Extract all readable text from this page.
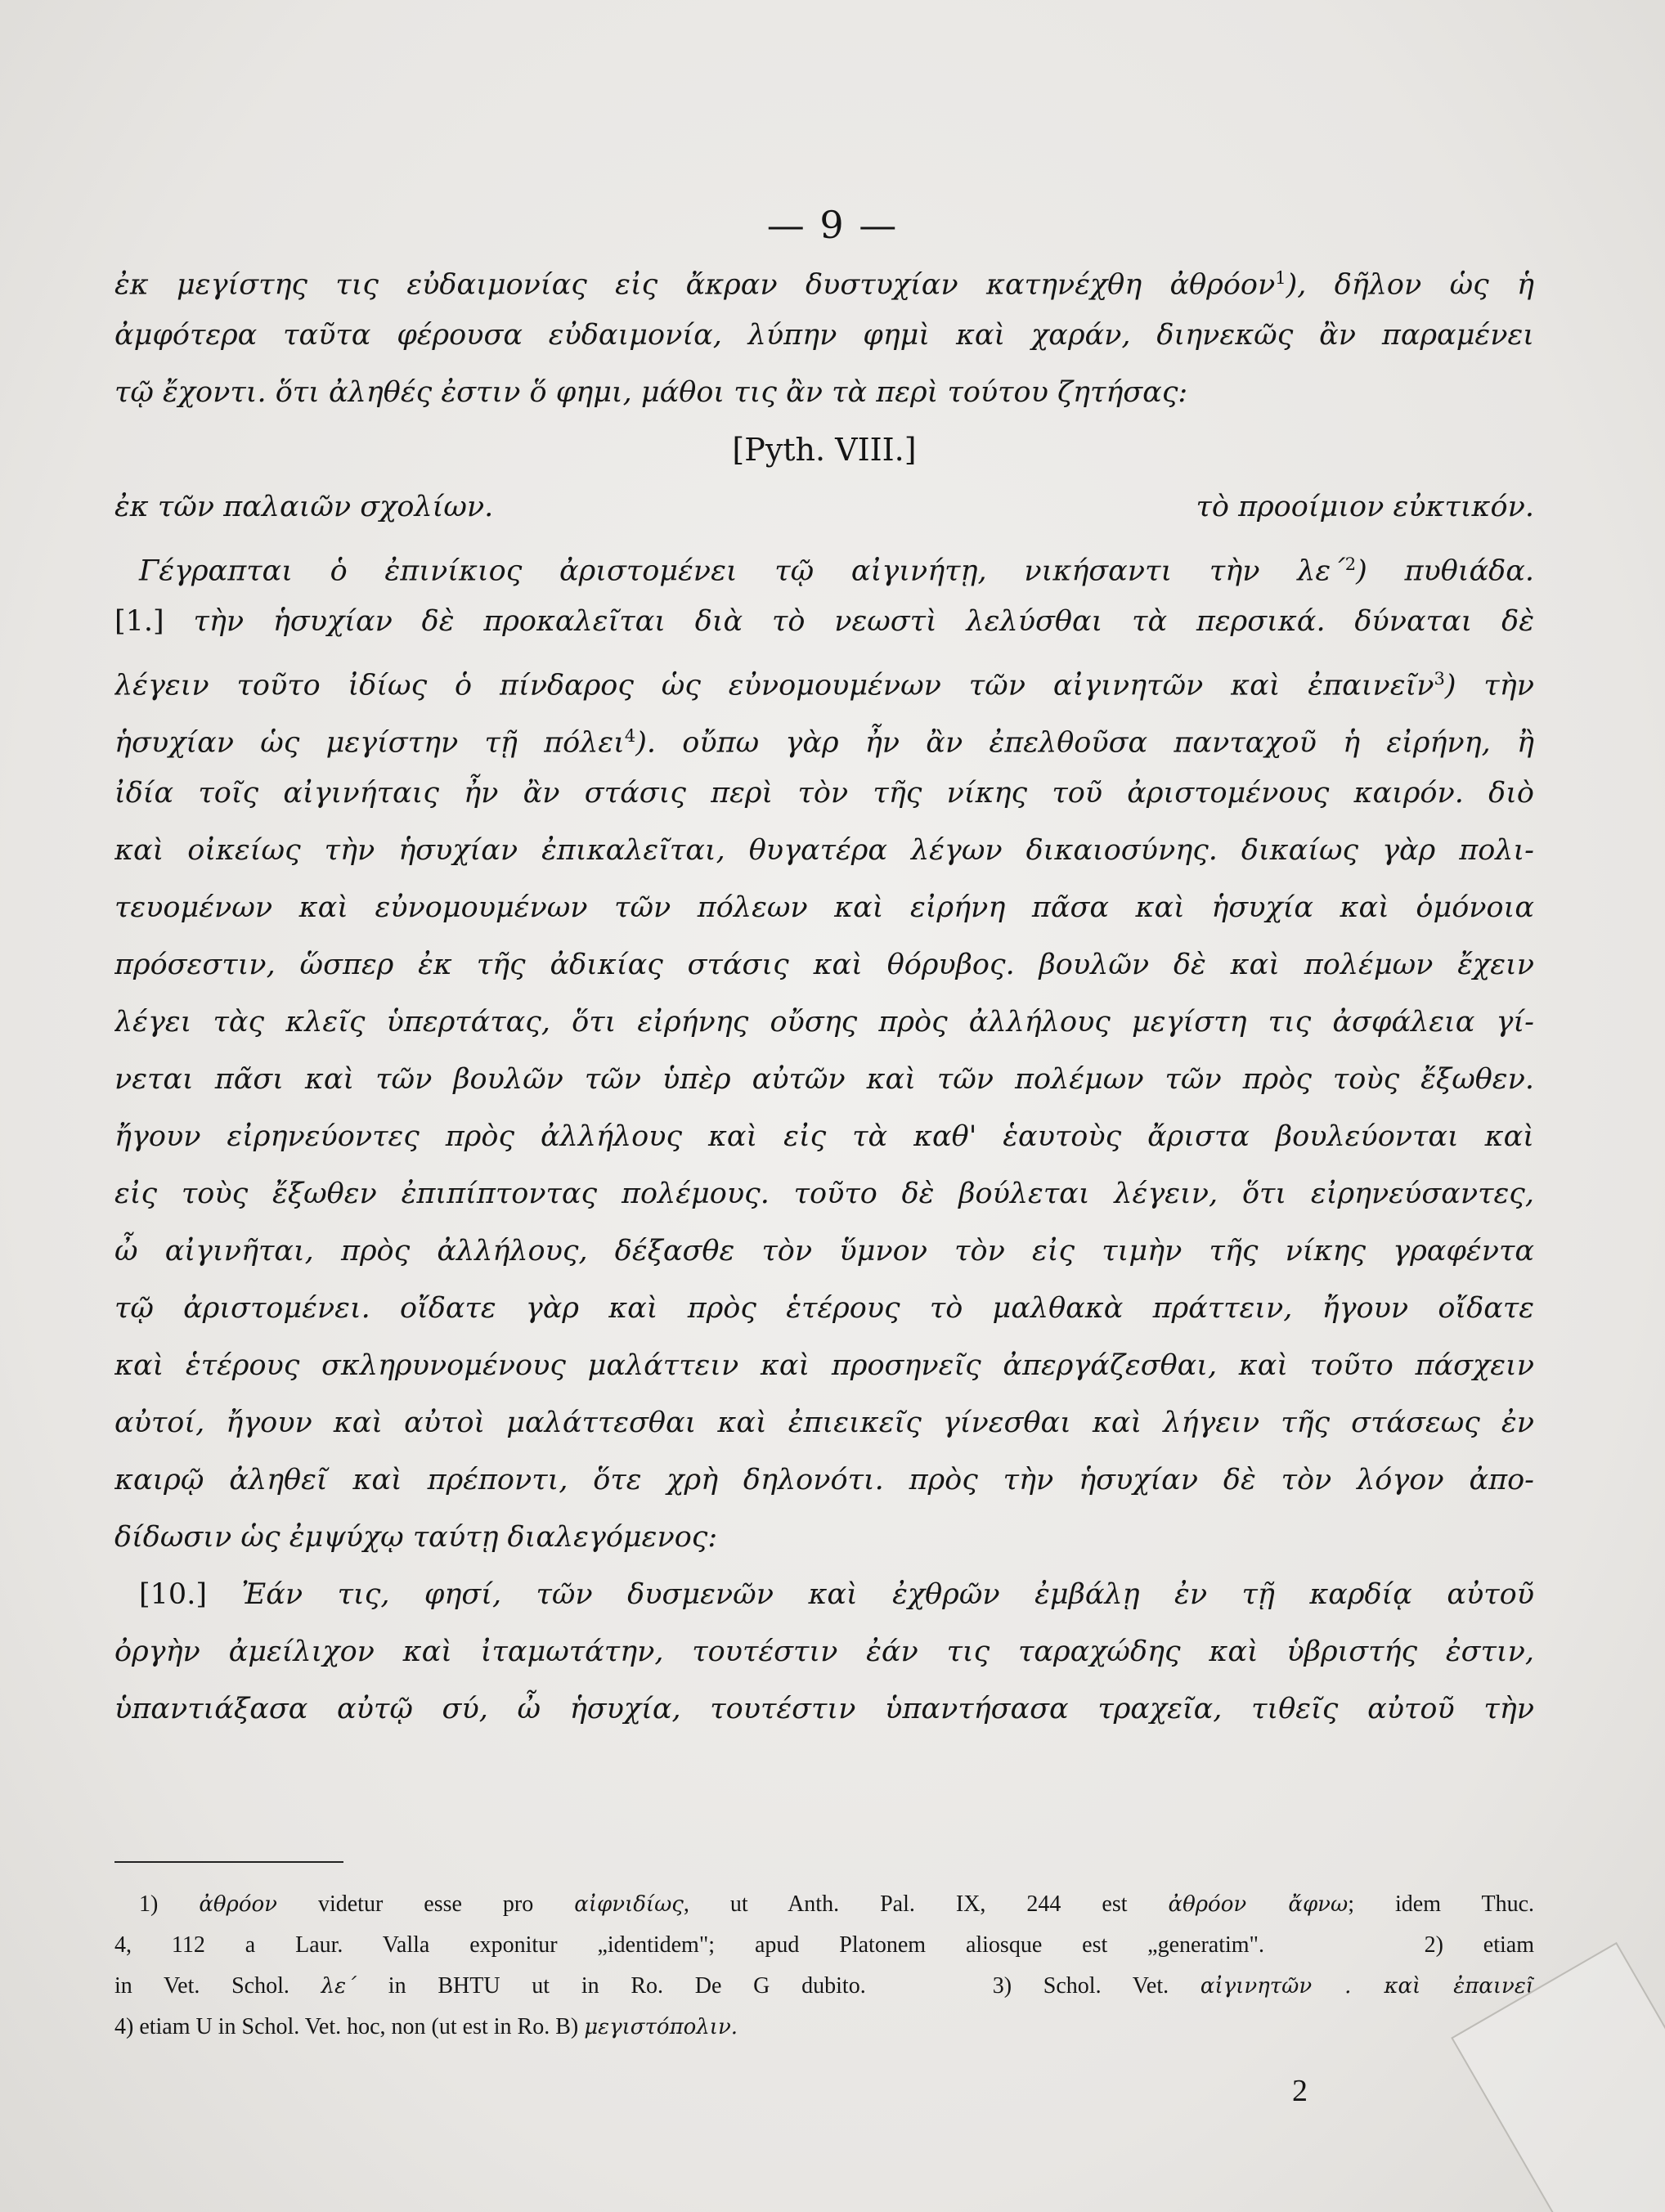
— 9 —
ἐκ μεγίστης τις εὐδαιμονίας εἰς ἄκραν δυστυχίαν κατηνέχθη ἀθρόον$^1$), δῆλον ὡς ἡ
ἀμφότερα ταῦτα φέρουσα εὐδαιμονία, λύπην φημὶ καὶ χαράν, διηνεκῶς ἂν παραμένει
τῷ ἔχοντι. ὅτι ἀληθές ἐστιν ὅ φημι, μάθοι τις ἂν τὰ περὶ τούτου ζητήσας:
[Pyth. VIII.]
ἐκ τῶν παλαιῶν σχολίων.	τὸ προοίμιον εὐκτικόν.
Γέγραπται ὁ ἐπινίκιος ἀριστομένει τῷ αἰγινήτῃ, νικήσαντι τὴν λε΄$^2$) πυθιάδα.
[1.] τὴν ἡσυχίαν δὲ προκαλεῖται διὰ τὸ νεωστὶ λελύσθαι τὰ περσικά. δύναται δὲ
λέγειν τοῦτο ἰδίως ὁ πίνδαρος ὡς εὐνομουμένων τῶν αἰγινητῶν καὶ ἐπαινεῖν$^3$) τὴν
ἡσυχίαν ὡς μεγίστην τῇ πόλει$^4$). οὔπω γὰρ ἦν ἂν ἐπελθοῦσα πανταχοῦ ἡ εἰρήνη, ἢ
ἰδία τοῖς αἰγινήταις ἦν ἂν στάσις περὶ τὸν τῆς νίκης τοῦ ἀριστομένους καιρόν. διὸ
καὶ οἰκείως τὴν ἡσυχίαν ἐπικαλεῖται, θυγατέρα λέγων δικαιοσύνης. δικαίως γὰρ πολι-
τευομένων καὶ εὐνομουμένων τῶν πόλεων καὶ εἰρήνη πᾶσα καὶ ἡσυχία καὶ ὁμόνοια
πρόσεστιν, ὥσπερ ἐκ τῆς ἀδικίας στάσις καὶ θόρυβος. βουλῶν δὲ καὶ πολέμων ἔχειν
λέγει τὰς κλεῖς ὑπερτάτας, ὅτι εἰρήνης οὔσης πρὸς ἀλλήλους μεγίστη τις ἀσφάλεια γί-
νεται πᾶσι καὶ τῶν βουλῶν τῶν ὑπὲρ αὐτῶν καὶ τῶν πολέμων τῶν πρὸς τοὺς ἔξωθεν.
ἤγουν εἰρηνεύοντες πρὸς ἀλλήλους καὶ εἰς τὰ καθ' ἑαυτοὺς ἄριστα βουλεύονται καὶ
εἰς τοὺς ἔξωθεν ἐπιπίπτοντας πολέμους. τοῦτο δὲ βούλεται λέγειν, ὅτι εἰρηνεύσαντες,
ὦ αἰγινῆται, πρὸς ἀλλήλους, δέξασθε τὸν ὕμνον τὸν εἰς τιμὴν τῆς νίκης γραφέντα
τῷ ἀριστομένει. οἴδατε γὰρ καὶ πρὸς ἑτέρους τὸ μαλθακὰ πράττειν, ἤγουν οἴδατε
καὶ ἑτέρους σκληρυνομένους μαλάττειν καὶ προσηνεῖς ἀπεργάζεσθαι, καὶ τοῦτο πάσχειν
αὐτοί, ἤγουν καὶ αὐτοὶ μαλάττεσθαι καὶ ἐπιεικεῖς γίνεσθαι καὶ λήγειν τῆς στάσεως ἐν
καιρῷ ἀληθεῖ καὶ πρέποντι, ὅτε χρὴ δηλονότι. πρὸς τὴν ἡσυχίαν δὲ τὸν λόγον ἀπο-
δίδωσιν ὡς ἐμψύχῳ ταύτῃ διαλεγόμενος:
[10.] Ἐάν τις, φησί, τῶν δυσμενῶν καὶ ἐχθρῶν ἐμβάλῃ ἐν τῇ καρδίᾳ αὐτοῦ
ὀργὴν ἀμείλιχον καὶ ἰταμωτάτην, τουτέστιν ἐάν τις ταραχώδης καὶ ὑβριστής ἐστιν,
ὑπαντιάξασα αὐτῷ σύ, ὦ ἡσυχία, τουτέστιν ὑπαντήσασα τραχεῖα, τιθεῖς αὐτοῦ τὴν
1) ἀθρόον videtur esse pro αἰφνιδίως, ut Anth. Pal. IX, 244 est ἀθρόον ἄφνω; idem Thuc.
4, 112 a Laur. Valla exponitur „identidem"; apud Platonem aliosque est „generatim".	2) etiam
in Vet. Schol. λε΄ in BHTU ut in Ro. De G dubito.	3) Schol. Vet. αἰγινητῶν . καὶ ἐπαινεῖ
4) etiam U in Schol. Vet. hoc, non (ut est in Ro. B) μεγιστόπολιν.
2
